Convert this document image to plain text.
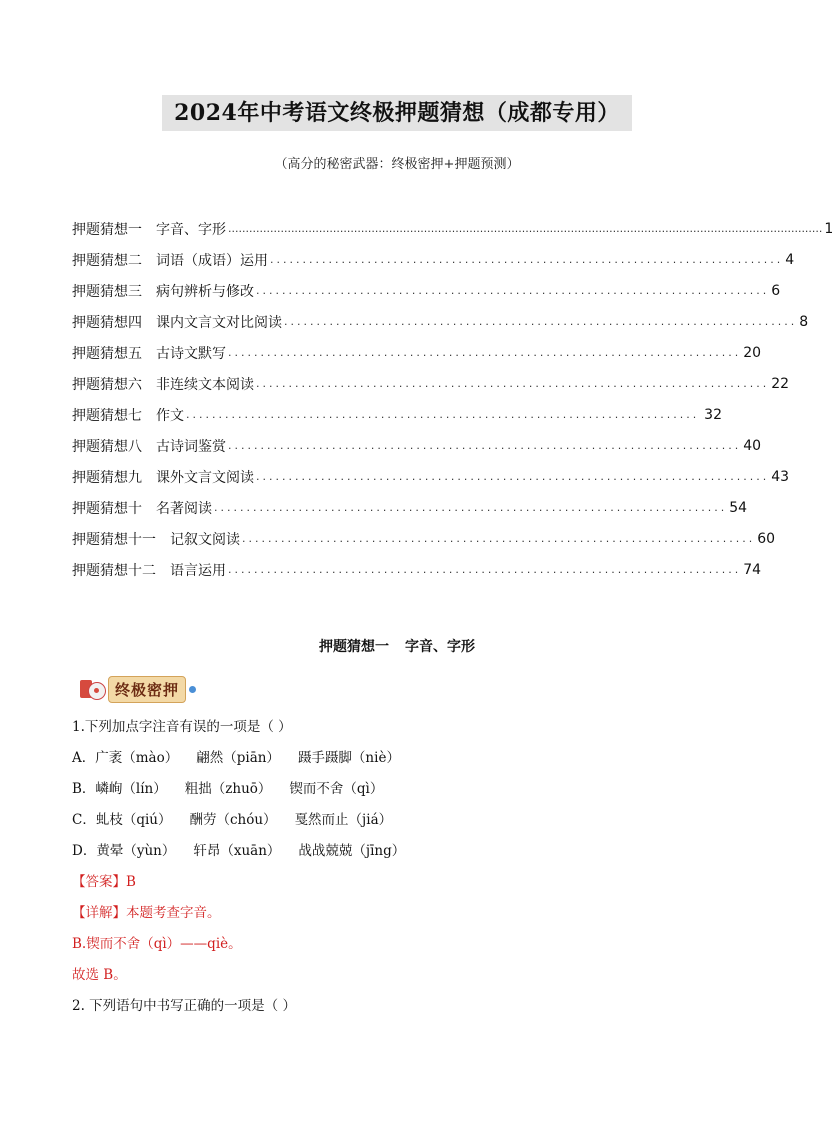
2024年中考语文终极押题猜想（成都专用）
（高分的秘密武器：终极密押+押题预测）
押题猜想一 字音、字形 .......................................................................................................................................................................... 1
押题猜想二 词语（成语）运用 ............................................................................... 4
押题猜想三 病句辨析与修改 ............................................................................... 6
押题猜想四 课内文言文对比阅读 ............................................................................... 8
押题猜想五 古诗文默写 ............................................................................... 20
押题猜想六 非连续文本阅读 ............................................................................... 22
押题猜想七 作文 ............................................................................... 32
押题猜想八 古诗词鉴赏 ............................................................................... 40
押题猜想九 课外文言文阅读 ............................................................................... 43
押题猜想十 名著阅读 ............................................................................... 54
押题猜想十一 记叙文阅读 ............................................................................... 60
押题猜想十二 语言运用 ............................................................................... 74
押题猜想一 字音、字形
终极密押
1.下列加点字注音有误的一项是（ ）
A．广袤（mào） 翩然（piān） 蹑手蹑脚（niè）
B．嶙峋（lín） 粗拙（zhuō） 锲而不舍（qì）
C．虬枝（qiú） 酬劳（chóu） 戛然而止（jiá）
D．黄晕（yùn） 轩昂（xuān） 战战兢兢（jīng）
【答案】B
【详解】本题考查字音。
B.锲而不舍（qì）——qiè。
故选 B。
2. 下列语句中书写正确的一项是（ ）
